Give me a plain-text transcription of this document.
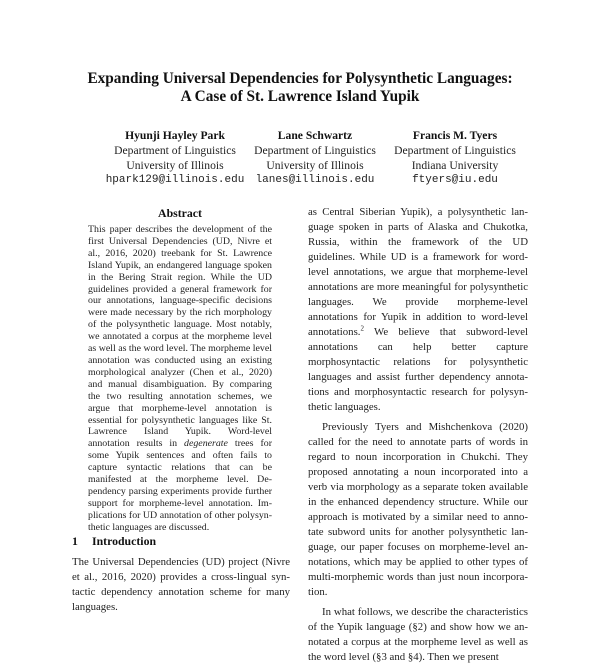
Expanding Universal Dependencies for Polysynthetic Languages:
A Case of St. Lawrence Island Yupik
Hyunji Hayley Park
Department of Linguistics
University of Illinois
hpark129@illinois.edu
Lane Schwartz
Department of Linguistics
University of Illinois
lanes@illinois.edu
Francis M. Tyers
Department of Linguistics
Indiana University
ftyers@iu.edu
Abstract

This paper describes the development of the first Universal Dependencies (UD, Nivre et al., 2016, 2020) treebank for St. Lawrence Island Yupik, an endangered language spoken in the Bering Strait region. While the UD guidelines provided a general framework for our annotations, language-specific decisions were made necessary by the rich morphology of the polysynthetic language. Most notably, we annotated a corpus at the morpheme level as well as the word level. The morpheme level annotation was conducted using an existing morphological analyzer (Chen et al., 2020) and manual disambiguation. By comparing the two resulting annotation schemes, we argue that morpheme-level annotation is essential for polysynthetic languages like St. Lawrence Island Yupik. Word-level annotation results in degenerate trees for some Yupik sentences and often fails to capture syntactic relations that can be manifested at the morpheme level. Dependency parsing experiments provide further support for morpheme-level annotation. Implications for UD annotation of other polysynthetic languages are discussed.

1 Introduction

The Universal Dependencies (UD) project (Nivre et al., 2016, 2020) provides a cross-lingual syntactic dependency annotation scheme for many languages.

as Central Siberian Yupik), a polysynthetic language spoken in parts of Alaska and Chukotka, Russia, within the framework of the UD guidelines. While UD is a framework for word-level annotations, we argue that morpheme-level annotations are more meaningful for polysynthetic languages. We provide morpheme-level annotations for Yupik in addition to word-level annotations.$^2$ We believe that subword-level annotations can help better capture morphosyntactic relations for polysynthetic languages and assist further dependency annotations and morphosyntactic research for polysynthetic languages.

Previously Tyers and Mishchenkova (2020) called for the need to annotate parts of words in regard to noun incorporation in Chukchi. They proposed annotating a noun incorporated into a verb via morphology as a separate token available in the enhanced dependency structure. While our approach is motivated by a similar need to annotate subword units for another polysynthetic language, our paper focuses on morpheme-level annotations, which may be applied to other types of multi-morphemic words than just noun incorporation.

In what follows, we describe the characteristics of the Yupik language (§2) and show how we annotated a corpus at the morpheme level as well as the word level (§3 and §4). Then we present
